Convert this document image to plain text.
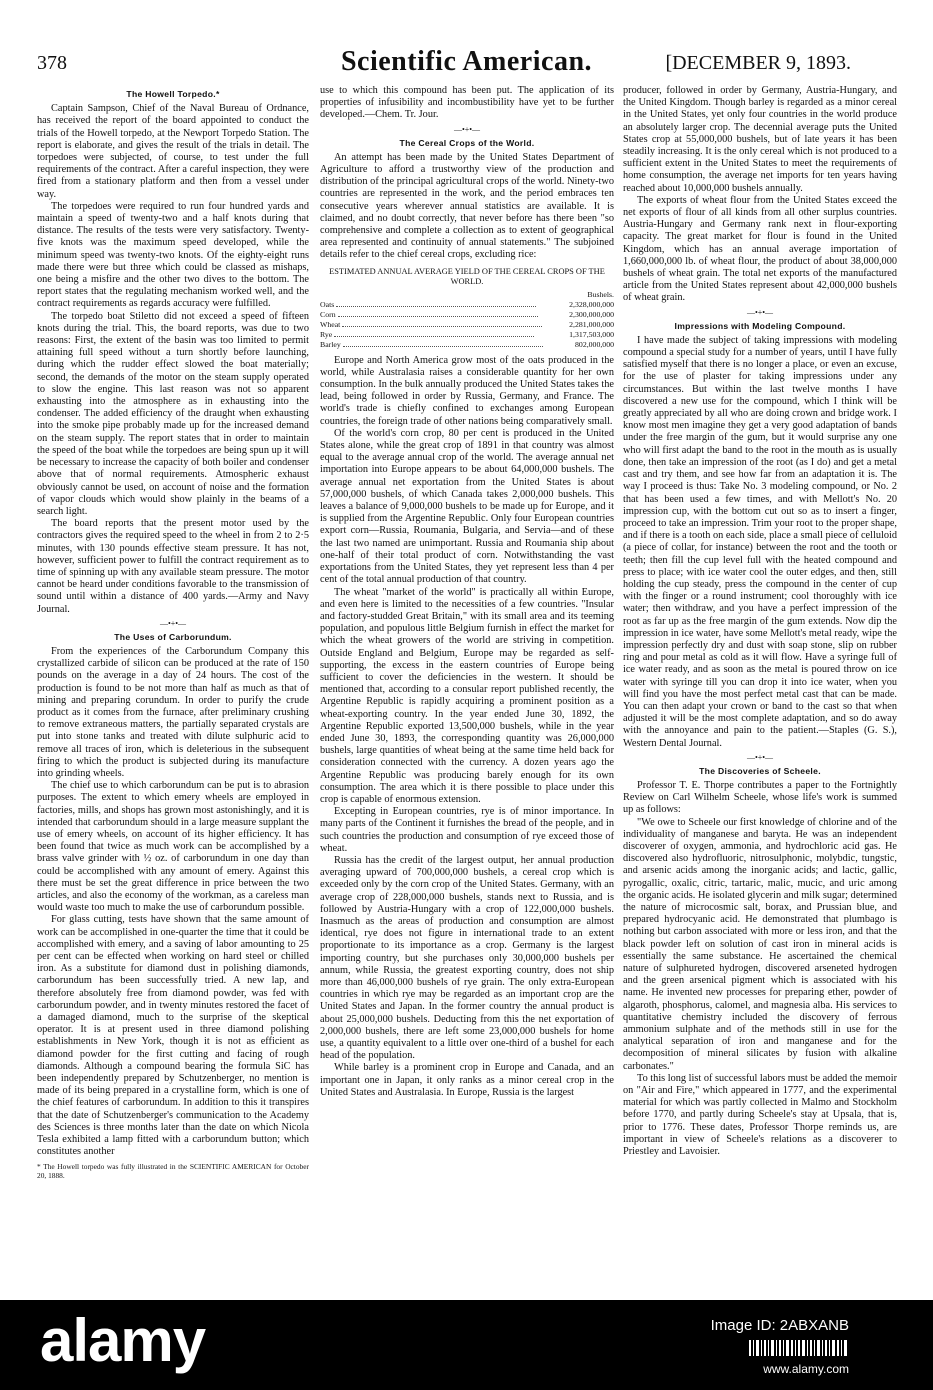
378	Scientific American.	[DECEMBER 9, 1893.
The Howell Torpedo.*

Captain Sampson, Chief of the Naval Bureau of Ordnance, has received the report of the board appointed to conduct the trials of the Howell torpedo, at the Newport Torpedo Station. The report is elaborate, and gives the result of the trials in detail. The torpedoes were subjected, of course, to test under the full requirements of the contract. After a careful inspection, they were fired from a stationary platform and then from a vessel under way.

The torpedoes were required to run four hundred yards and maintain a speed of twenty-two and a half knots during that distance. The results of the tests were very satisfactory. Twenty-five knots was the maximum speed developed, while the minimum speed was twenty-two knots. Of the eighty-eight runs made there were but three which could be classed as mishaps, one being a misfire and the other two dives to the bottom. The report states that the regulating mechanism worked well, and the contract requirements as regards accuracy were fulfilled.

The torpedo boat Stiletto did not exceed a speed of fifteen knots during the trial. This, the board reports, was due to two reasons: First, the extent of the basin was too limited to permit attaining full speed without a turn shortly before launching, during which the rudder effect slowed the boat materially; second, the demands of the motor on the steam supply operated to slow the engine. This last reason was not so apparent exhausting into the atmosphere as in exhausting into the condenser. The added efficiency of the draught when exhausting into the smoke pipe probably made up for the increased demand on the steam supply. The report states that in order to maintain the speed of the boat while the torpedoes are being spun up it will be necessary to increase the capacity of both boiler and condenser above that of normal requirements. Atmospheric exhaust obviously cannot be used, on account of noise and the formation of vapor clouds which would show plainly in the beams of a search light.

The board reports that the present motor used by the contractors gives the required speed to the wheel in from 2 to 2·5 minutes, with 130 pounds effective steam pressure. It has not, however, sufficient power to fulfill the contract requirement as to time of spinning up with any available steam pressure. The motor cannot be heard under conditions favorable to the transmission of sound until within a distance of 400 yards.—Army and Navy Journal.

—•+•—
The Uses of Carborundum.

From the experiences of the Carborundum Company this crystallized carbide of silicon can be produced at the rate of 150 pounds on the average in a day of 24 hours. The cost of the production is found to be not more than half as much as that of mining and preparing corundum. In order to purify the crude product as it comes from the furnace, after preliminary crushing to remove extraneous matters, the partially separated crystals are put into stone tanks and treated with dilute sulphuric acid to remove all traces of iron, which is deleterious in the subsequent firing to which the product is subjected during its manufacture into grinding wheels.

The chief use to which carborundum can be put is to abrasion purposes. The extent to which emery wheels are employed in factories, mills, and shops has grown most astonishingly, and it is intended that carborundum should in a large measure supplant the use of emery wheels, on account of its higher efficiency. It has been found that twice as much work can be accomplished by a brass valve grinder with ½ oz. of carborundum in one day than could be accomplished with any amount of emery. Against this there must be set the great difference in price between the two articles, and also the economy of the workman, as a careless man would waste too much to make the use of carborundum possible.

For glass cutting, tests have shown that the same amount of work can be accomplished in one-quarter the time that it could be accomplished with emery, and a saving of labor amounting to 25 per cent can be effected when working on hard steel or chilled iron. As a substitute for diamond dust in polishing diamonds, carborundum has been successfully tried. A new lap, and therefore absolutely free from diamond powder, was fed with carborundum powder, and in twenty minutes restored the facet of a damaged diamond, much to the surprise of the skeptical operator. It is at present used in three diamond polishing establishments in New York, though it is not as efficient as diamond powder for the first cutting and facing of rough diamonds. Although a compound bearing the formula SiC has been independently prepared by Schutzenberger, no mention is made of its being prepared in a crystalline form, which is one of the chief features of carborundum. In addition to this it transpires that the date of Schutzenberger's communication to the Academy des Sciences is three months later than the date on which Nicola Tesla exhibited a lamp fitted with a carborundum button; which constitutes another

* The Howell torpedo was fully illustrated in the SCIENTIFIC AMERICAN for October 20, 1888.

use to which this compound has been put. The application of its properties of infusibility and incombustibility have yet to be further developed.—Chem. Tr. Jour.

—•+•—
The Cereal Crops of the World.

An attempt has been made by the United States Department of Agriculture to afford a trustworthy view of the production and distribution of the principal agricultural crops of the world. Ninety-two countries are represented in the work, and the period embraces ten consecutive years wherever annual statistics are available. It is claimed, and no doubt correctly, that never before has there been "so comprehensive and complete a collection as to extent of geographical area represented and continuity of annual statements." The subjoined details refer to the chief cereal crops, excluding rice:

ESTIMATED ANNUAL AVERAGE YIELD OF THE CEREAL CROPS OF THE WORLD.
	Bushels.
Oats	2,328,000,000
Corn	2,300,000,000
Wheat	2,281,000,000
Rye	1,317,503,000
Barley	802,000,000

Europe and North America grow most of the oats produced in the world, while Australasia raises a considerable quantity for her own consumption. In the bulk annually produced the United States takes the lead, being followed in order by Russia, Germany, and France. The world's trade is chiefly confined to exchanges among European countries, the foreign trade of other nations being comparatively small.

Of the world's corn crop, 80 per cent is produced in the United States alone, while the great crop of 1891 in that country was almost equal to the average annual crop of the world. The average annual net importation into Europe appears to be about 64,000,000 bushels. The average annual net exportation from the United States is about 57,000,000 bushels, of which Canada takes 2,000,000 bushels. This leaves a balance of 9,000,000 bushels to be made up for Europe, and it is supplied from the Argentine Republic. Only four European countries export corn—Russia, Roumania, Bulgaria, and Servia—and of these the last two named are unimportant. Russia and Roumania ship about one-half of their total product of corn. Notwithstanding the vast exportations from the United States, they yet represent less than 4 per cent of the total annual production of that country.

The wheat "market of the world" is practically all within Europe, and even here is limited to the necessities of a few countries. "Insular and factory-studded Great Britain," with its small area and its teeming population, and populous little Belgium furnish in effect the market for which the wheat growers of the world are striving in competition. Outside England and Belgium, Europe may be regarded as self-supporting, the excess in the eastern countries of Europe being sufficient to cover the deficiencies in the western. It should be mentioned that, according to a consular report published recently, the Argentine Republic is rapidly acquiring a prominent position as a wheat-exporting country. In the year ended June 30, 1892, the Argentine Republic exported 13,500,000 bushels, while in the year ended June 30, 1893, the corresponding quantity was 26,000,000 bushels, large quantities of wheat being at the same time held back for consideration connected with the currency. A dozen years ago the Argentine Republic was producing barely enough for its own consumption. The area which it is there possible to place under this crop is capable of enormous extension.

Excepting in European countries, rye is of minor importance. In many parts of the Continent it furnishes the bread of the people, and in such countries the production and consumption of rye exceed those of wheat.

Russia has the credit of the largest output, her annual production averaging upward of 700,000,000 bushels, a cereal crop which is exceeded only by the corn crop of the United States. Germany, with an average crop of 228,000,000 bushels, stands next to Russia, and is followed by Austria-Hungary with a crop of 122,000,000 bushels. Inasmuch as the areas of production and consumption are almost identical, rye does not figure in international trade to an extent proportionate to its importance as a crop. Germany is the largest importing country, but she purchases only 30,000,000 bushels per annum, while Russia, the greatest exporting country, does not ship more than 46,000,000 bushels of rye grain. The only extra-European countries in which rye may be regarded as an important crop are the United States and Japan. In the former country the annual product is about 25,000,000 bushels. Deducting from this the net exportation of 2,000,000 bushels, there are left some 23,000,000 bushels for home use, a quantity equivalent to a little over one-third of a bushel for each head of the population.

While barley is a prominent crop in Europe and Canada, and an important one in Japan, it only ranks as a minor cereal crop in the United States and Australasia. In Europe, Russia is the largest

producer, followed in order by Germany, Austria-Hungary, and the United Kingdom. Though barley is regarded as a minor cereal in the United States, yet only four countries in the world produce an absolutely larger crop. The decennial average puts the United States crop at 55,000,000 bushels, but of late years it has been steadily increasing. It is the only cereal which is not produced to a sufficient extent in the United States to meet the requirements of home consumption, the average net imports for ten years having reached about 10,000,000 bushels annually.

The exports of wheat flour from the United States exceed the net exports of flour of all kinds from all other surplus countries. Austria-Hungary and Germany rank next in flour-exporting capacity. The great market for flour is found in the United Kingdom, which has an annual average importation of 1,660,000,000 lb. of wheat flour, the product of about 38,000,000 bushels of wheat grain. The total net exports of the manufactured article from the United States represent about 42,000,000 bushels of wheat grain.

—•+•—
Impressions with Modeling Compound.

I have made the subject of taking impressions with modeling compound a special study for a number of years, until I have fully satisfied myself that there is no longer a place, or even an excuse, for the use of plaster for taking impressions under any circumstances. But within the last twelve months I have discovered a new use for the compound, which I think will be greatly appreciated by all who are doing crown and bridge work. I know most men imagine they get a very good adaptation of bands under the free margin of the gum, but it would surprise any one who will first adapt the band to the root in the mouth as is usually done, then take an impression of the root (as I do) and get a metal cast and try them, and see how far from an adaptation it is. The way I proceed is thus: Take No. 3 modeling compound, or No. 2 that has been used a few times, and with Mellott's No. 20 impression cup, with the bottom cut out so as to insert a finger, proceed to take an impression. Trim your root to the proper shape, and if there is a tooth on each side, place a small piece of celluloid (a piece of collar, for instance) between the root and the tooth or teeth; then fill the cup level full with the heated compound and press to place; with ice water cool the outer edges, and then, still holding the cup steady, press the compound in the center of cup with the finger or a round instrument; cool thoroughly with ice water; then withdraw, and you have a perfect impression of the root as far up as the free margin of the gum extends. Now dip the impression in ice water, have some Mellott's metal ready, wipe the impression perfectly dry and dust with soap stone, slip on rubber ring and pour metal as cold as it will flow. Have a syringe full of ice water ready, and as soon as the metal is poured throw on ice water with syringe till you can drop it into ice water, when you will find you have the most perfect metal cast that can be made. You can then adapt your crown or band to the cast so that when adjusted it will be the most complete adaptation, and so do away with the annoyance and pain to the patient.—Staples (G. S.), Western Dental Journal.

—•+•—
The Discoveries of Scheele.

Professor T. E. Thorpe contributes a paper to the Fortnightly Review on Carl Wilhelm Scheele, whose life's work is summed up as follows:

"We owe to Scheele our first knowledge of chlorine and of the individuality of manganese and baryta. He was an independent discoverer of oxygen, ammonia, and hydrochloric acid gas. He discovered also hydrofluoric, nitrosulphonic, molybdic, tungstic, and arsenic acids among the inorganic acids; and lactic, gallic, pyrogallic, oxalic, citric, tartaric, malic, mucic, and uric among the organic acids. He isolated glycerin and milk sugar; determined the nature of microcosmic salt, borax, and Prussian blue, and prepared hydrocyanic acid. He demonstrated that plumbago is nothing but carbon associated with more or less iron, and that the black powder left on solution of cast iron in mineral acids is essentially the same substance. He ascertained the chemical nature of sulphureted hydrogen, discovered arseneted hydrogen and the green arsenical pigment which is associated with his name. He invented new processes for preparing ether, powder of algaroth, phosphorus, calomel, and magnesia alba. His services to quantitative chemistry included the discovery of ferrous ammonium sulphate and of the methods still in use for the analytical separation of iron and manganese and for the decomposition of mineral silicates by fusion with alkaline carbonates."

To this long list of successful labors must be added the memoir on "Air and Fire," which appeared in 1777, and the experimental material for which was partly collected in Malmo and Stockholm before 1770, and partly during Scheele's stay at Upsala, that is, prior to 1776. These dates, Professor Thorpe reminds us, are important in view of Scheele's relations as a discoverer to Priestley and Lavoisier.

alamy	Image ID: 2ABXANB
www.alamy.com
